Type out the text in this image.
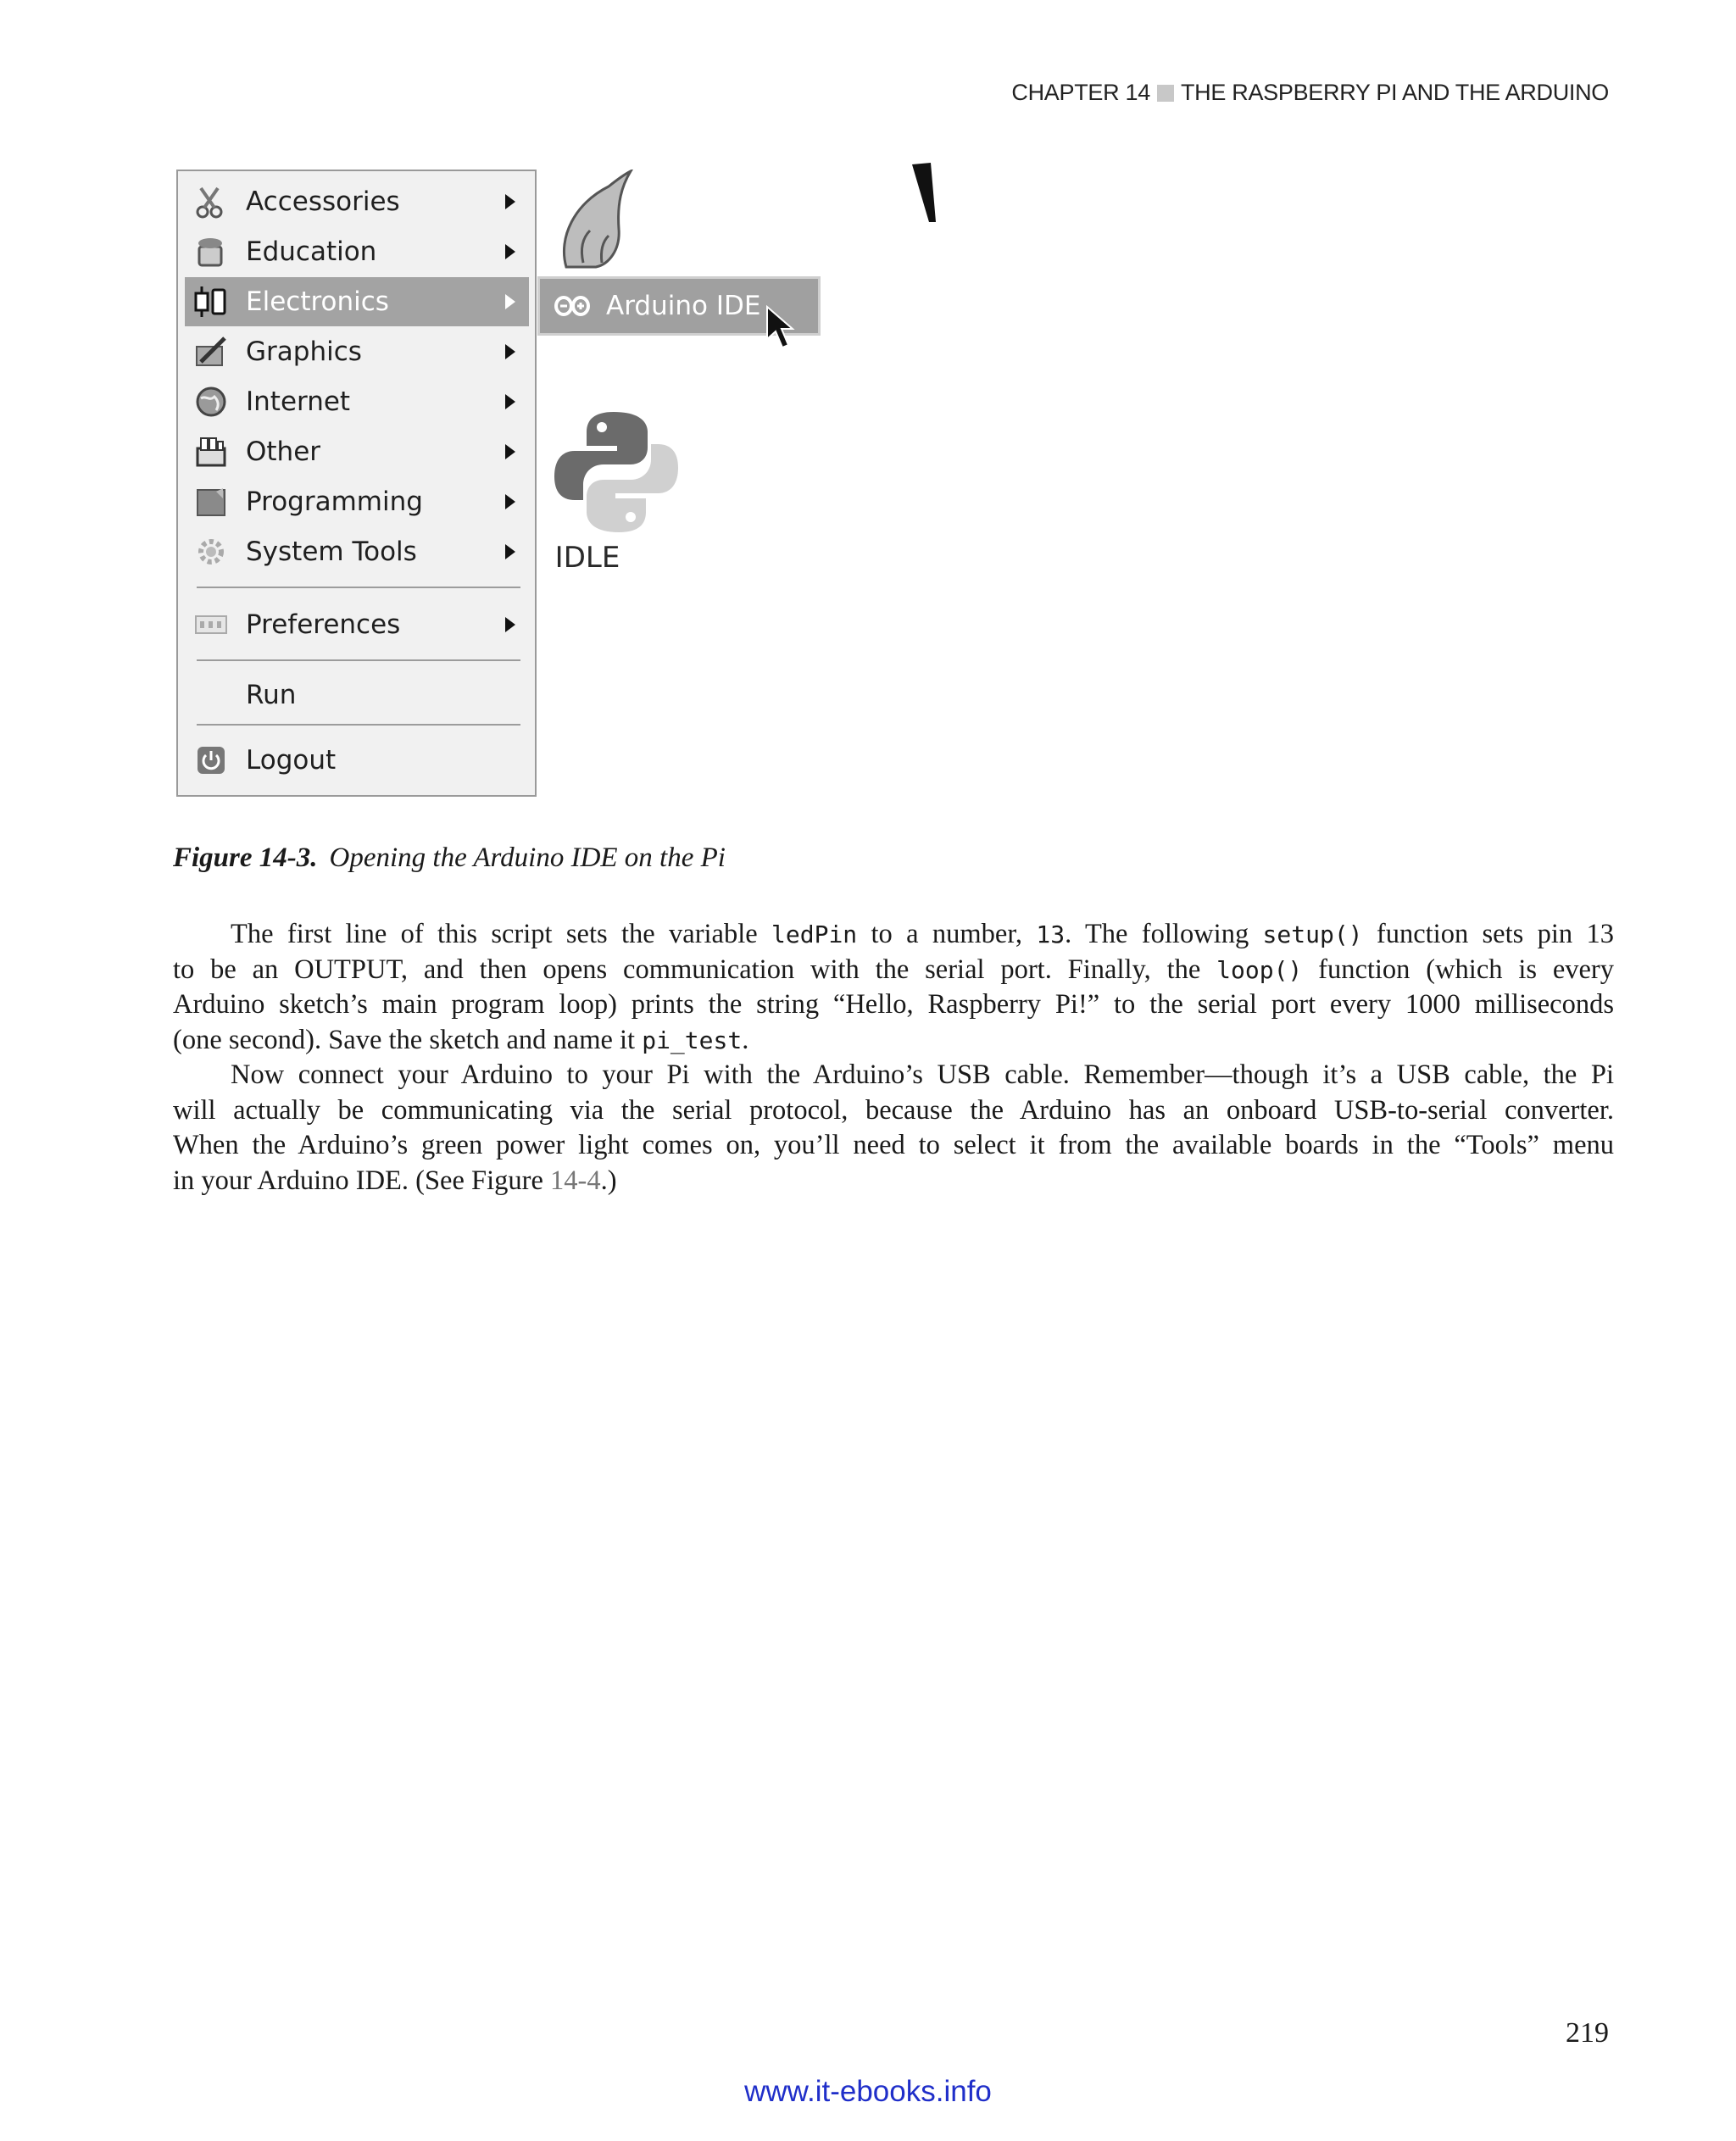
CHAPTER 14 THE RASPBERRY PI AND THE ARDUINO
Accessories
Education
Electronics
Graphics
Internet
Other
Programming
System Tools
Preferences
Run
Logout
Arduino IDE
IDLE
Figure 14-3. Opening the Arduino IDE on the Pi

The first line of this script sets the variable ledPin to a number, 13. The following setup() function sets pin 13
to be an OUTPUT, and then opens communication with the serial port. Finally, the loop() function (which is every
Arduino sketch’s main program loop) prints the string “Hello, Raspberry Pi!” to the serial port every 1000 milliseconds
(one second). Save the sketch and name it pi_test.

Now connect your Arduino to your Pi with the Arduino’s USB cable. Remember—though it’s a USB cable, the Pi
will actually be communicating via the serial protocol, because the Arduino has an onboard USB-to-serial converter.
When the Arduino’s green power light comes on, you’ll need to select it from the available boards in the “Tools” menu
in your Arduino IDE. (See Figure 14-4.)

219
www.it-ebooks.info
